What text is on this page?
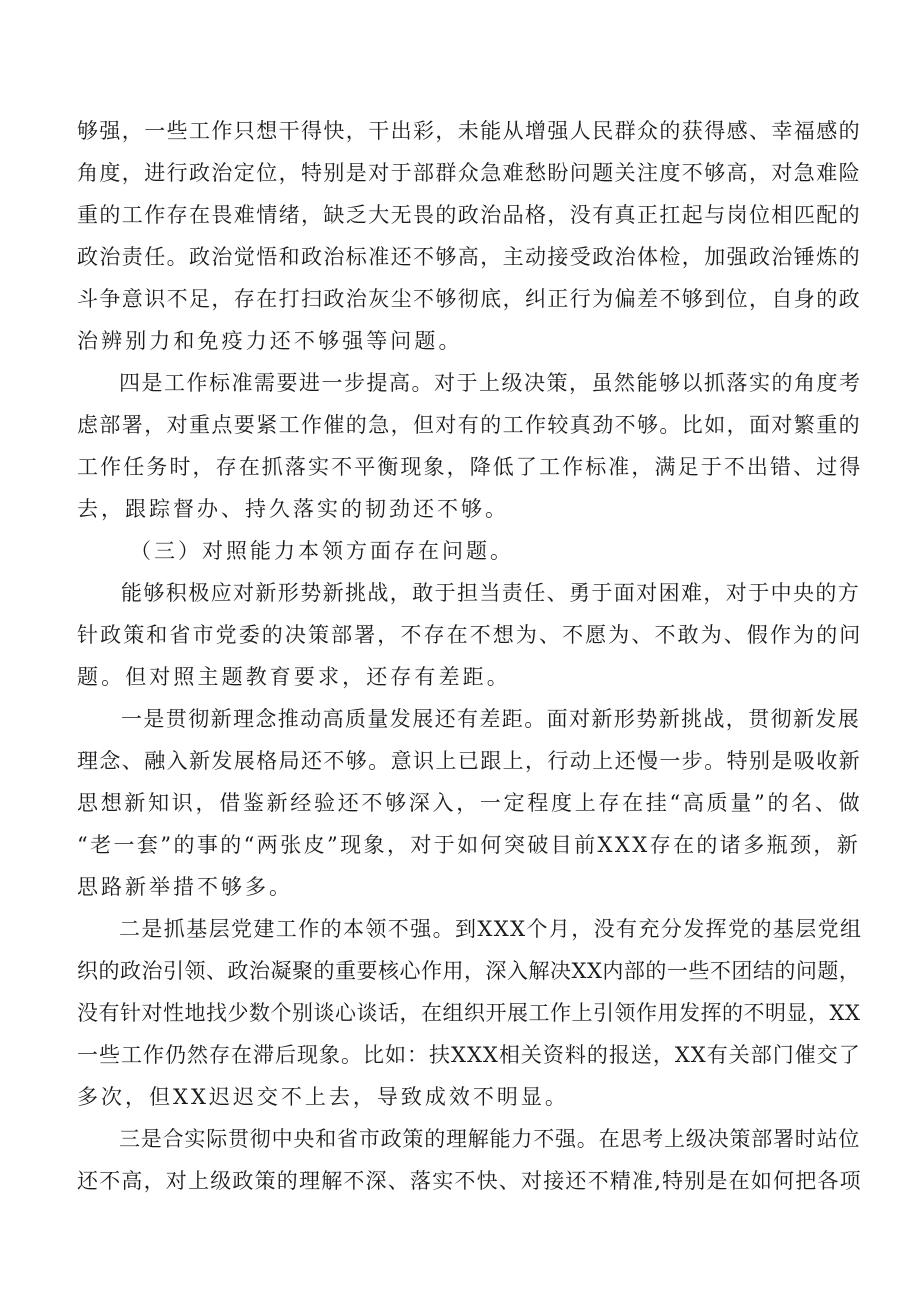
够强，一些工作只想干得快，干出彩，未能从增强人民群众的获得感、幸福感的
角度，进行政治定位，特别是对于部群众急难愁盼问题关注度不够高，对急难险
重的工作存在畏难情绪，缺乏大无畏的政治品格，没有真正扛起与岗位相匹配的
政治责任。政治觉悟和政治标准还不够高，主动接受政治体检，加强政治锤炼的
斗争意识不足，存在打扫政治灰尘不够彻底，纠正行为偏差不够到位，自身的政
治辨别力和免疫力还不够强等问题。
四是工作标准需要进一步提高。对于上级决策，虽然能够以抓落实的角度考
虑部署，对重点要紧工作催的急，但对有的工作较真劲不够。比如，面对繁重的
工作任务时，存在抓落实不平衡现象，降低了工作标准，满足于不出错、过得
去，跟踪督办、持久落实的韧劲还不够。
（三）对照能力本领方面存在问题。
能够积极应对新形势新挑战，敢于担当责任、勇于面对困难，对于中央的方
针政策和省市党委的决策部署，不存在不想为、不愿为、不敢为、假作为的问
题。但对照主题教育要求，还存有差距。
一是贯彻新理念推动高质量发展还有差距。面对新形势新挑战，贯彻新发展
理念、融入新发展格局还不够。意识上已跟上，行动上还慢一步。特别是吸收新
思想新知识，借鉴新经验还不够深入，一定程度上存在挂“高质量”的名、做
“老一套”的事的“两张皮”现象，对于如何突破目前XXX存在的诸多瓶颈，新
思路新举措不够多。
二是抓基层党建工作的本领不强。到XXX个月，没有充分发挥党的基层党组
织的政治引领、政治凝聚的重要核心作用，深入解决XX内部的一些不团结的问题，
没有针对性地找少数个别谈心谈话，在组织开展工作上引领作用发挥的不明显，XX
一些工作仍然存在滞后现象。比如：扶XXX相关资料的报送，XX有关部门催交了
多次，但XX迟迟交不上去，导致成效不明显。
三是合实际贯彻中央和省市政策的理解能力不强。在思考上级决策部署时站位
还不高，对上级政策的理解不深、落实不快、对接还不精准,特别是在如何把各项
